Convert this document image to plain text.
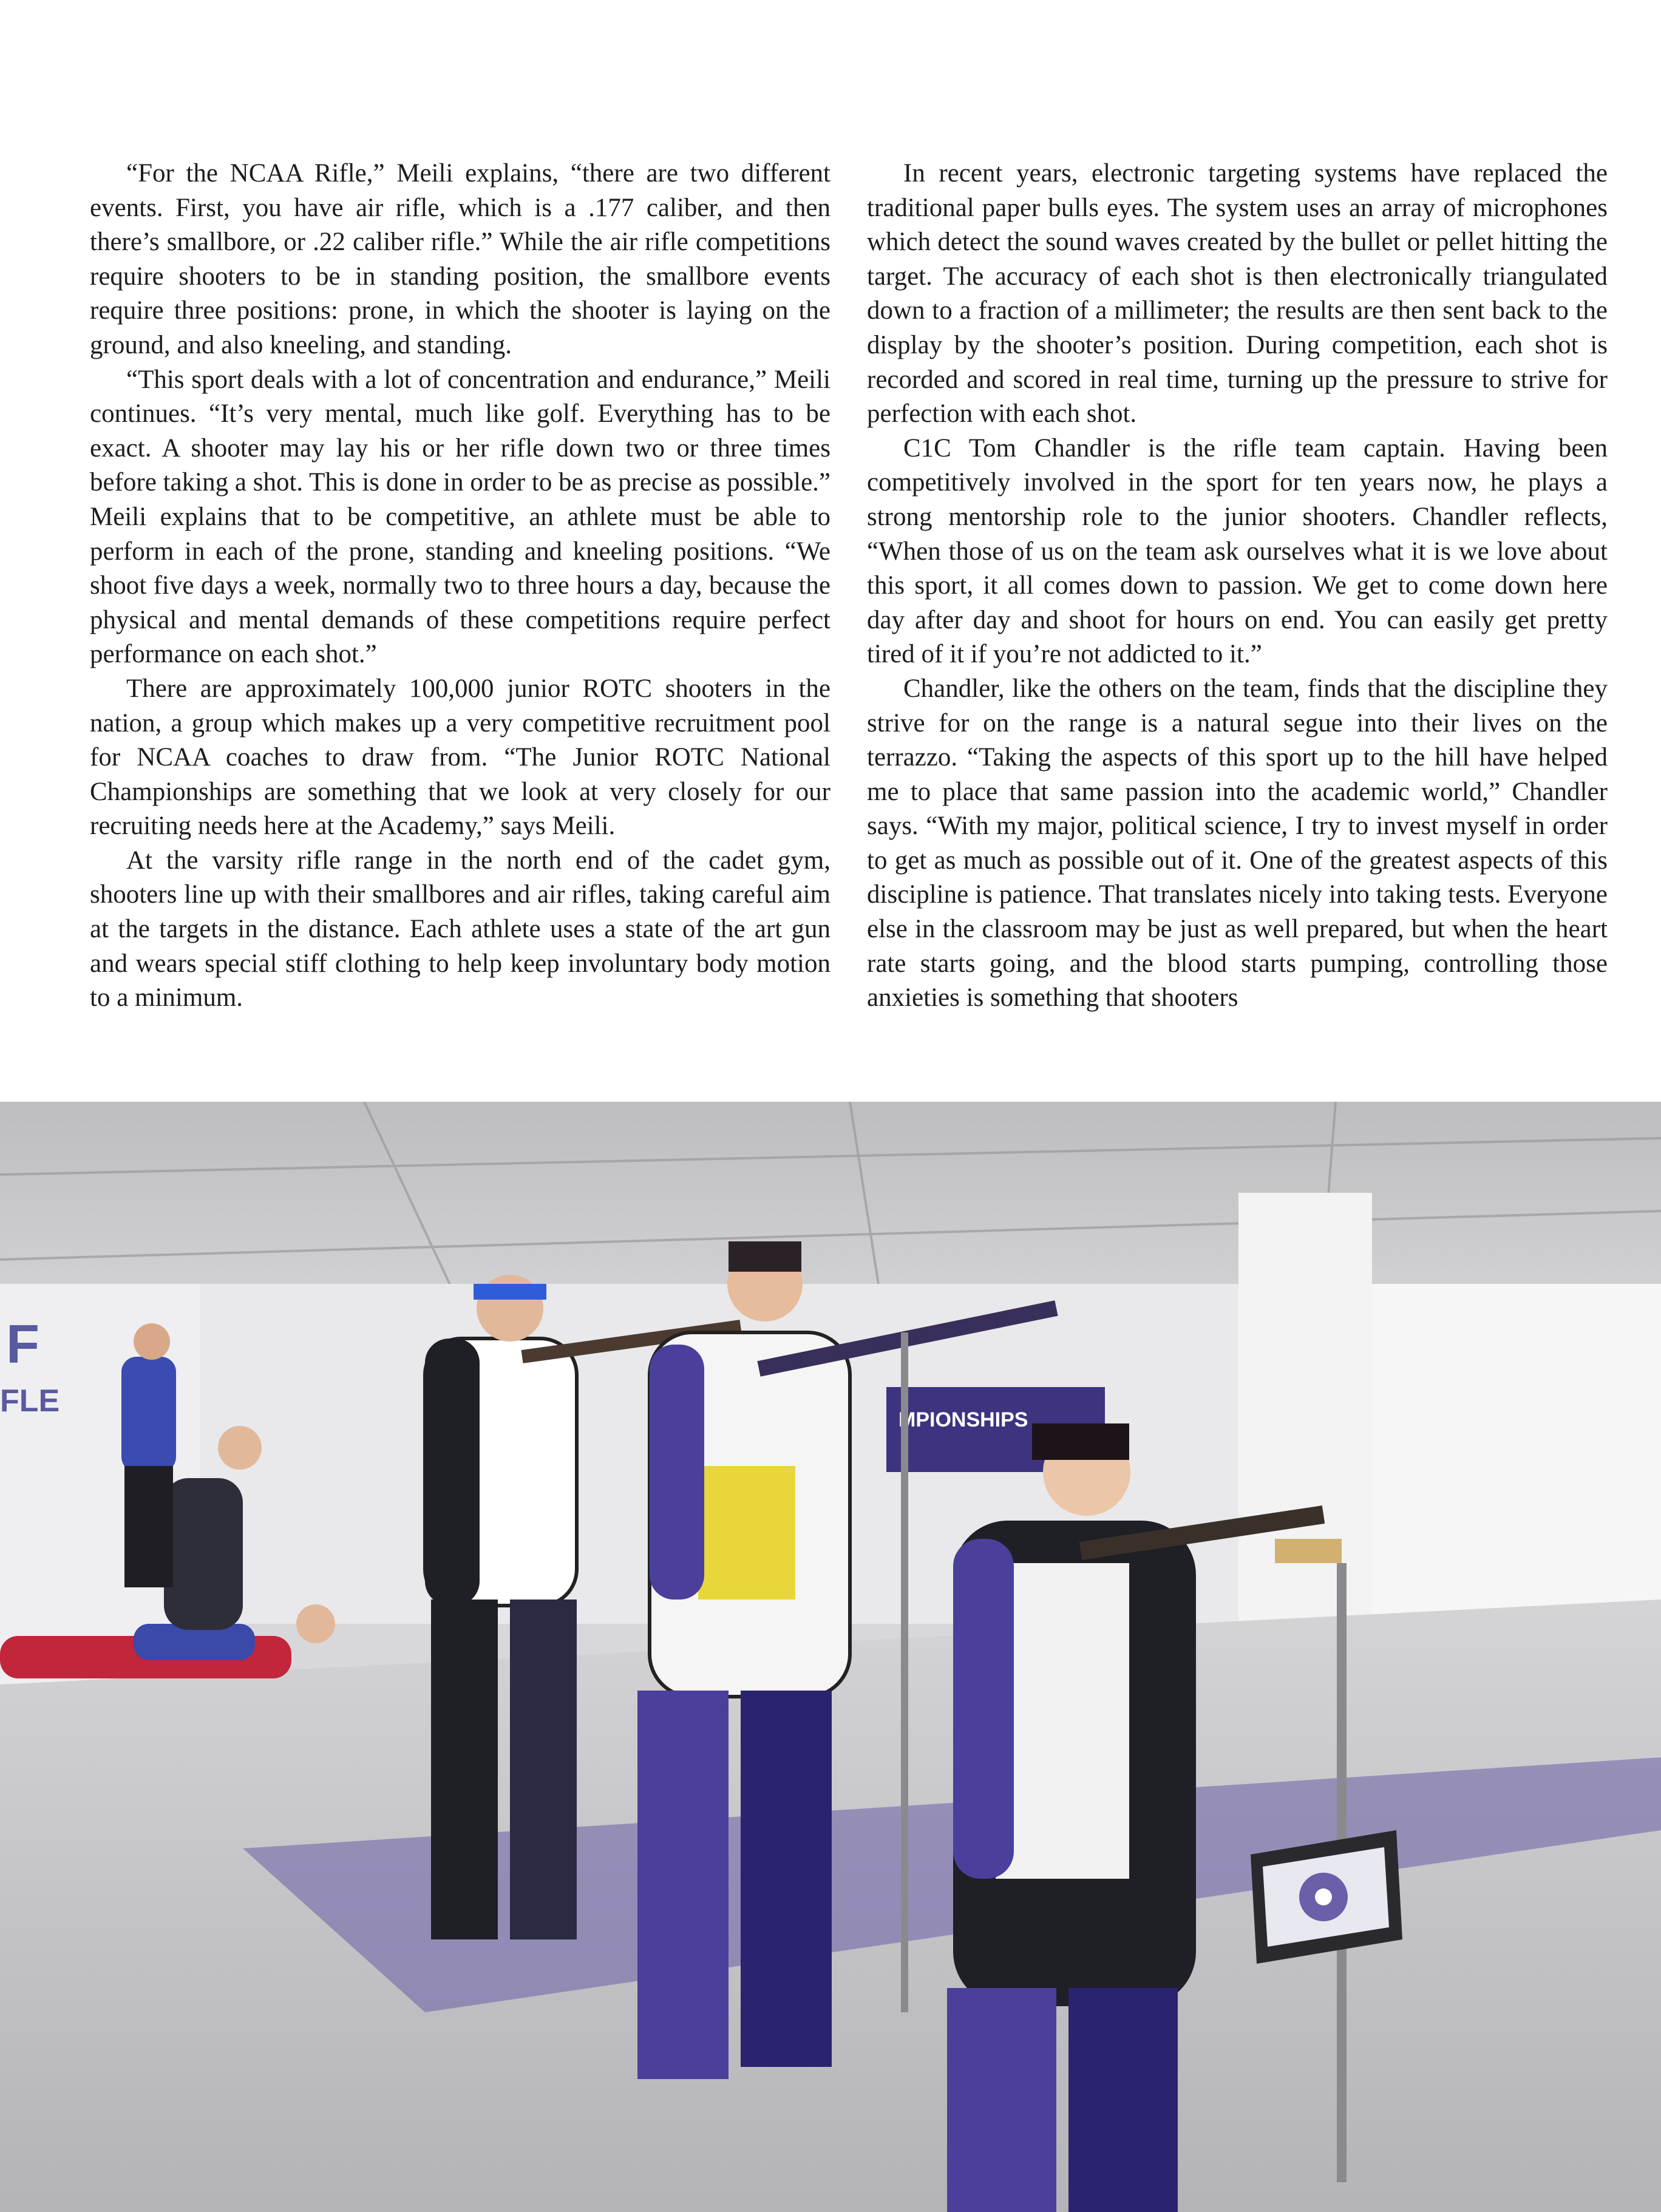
“For the NCAA Rifle,” Meili explains, “there are two different events. First, you have air rifle, which is a .177 caliber, and then there’s smallbore, or .22 caliber rifle.” While the air rifle competitions require shooters to be in standing position, the smallbore events require three positions: prone, in which the shooter is laying on the ground, and also kneeling, and standing.

“This sport deals with a lot of concentration and endurance,” Meili continues. “It’s very mental, much like golf. Everything has to be exact. A shooter may lay his or her rifle down two or three times before taking a shot. This is done in order to be as precise as possible.” Meili explains that to be competitive, an athlete must be able to perform in each of the prone, standing and kneeling positions. “We shoot five days a week, normally two to three hours a day, because the physical and mental demands of these competitions require perfect performance on each shot.”

There are approximately 100,000 junior ROTC shooters in the nation, a group which makes up a very competitive recruitment pool for NCAA coaches to draw from. “The Junior ROTC National Championships are something that we look at very closely for our recruiting needs here at the Academy,” says Meili.

At the varsity rifle range in the north end of the cadet gym, shooters line up with their smallbores and air rifles, taking careful aim at the targets in the distance. Each athlete uses a state of the art gun and wears special stiff clothing to help keep involuntary body motion to a minimum.

In recent years, electronic targeting systems have replaced the traditional paper bulls eyes. The system uses an array of microphones which detect the sound waves created by the bullet or pellet hitting the target. The accuracy of each shot is then electronically triangulated down to a fraction of a millimeter; the results are then sent back to the display by the shooter’s position. During competition, each shot is recorded and scored in real time, turning up the pressure to strive for perfection with each shot.

C1C Tom Chandler is the rifle team captain. Having been competitively involved in the sport for ten years now, he plays a strong mentorship role to the junior shooters. Chandler reflects, “When those of us on the team ask ourselves what it is we love about this sport, it all comes down to passion. We get to come down here day after day and shoot for hours on end. You can easily get pretty tired of it if you’re not addicted to it.”

Chandler, like the others on the team, finds that the discipline they strive for on the range is a natural segue into their lives on the terrazzo. “Taking the aspects of this sport up to the hill have helped me to place that same passion into the academic world,” Chandler says. “With my major, political science, I try to invest myself in order to get as much as possible out of it. One of the greatest aspects of this discipline is patience. That translates nicely into taking tests. Everyone else in the classroom may be just as well prepared, but when the heart rate starts going, and the blood starts pumping, controlling those anxieties is something that shooters

F
FLE
MPIONSHIPS
